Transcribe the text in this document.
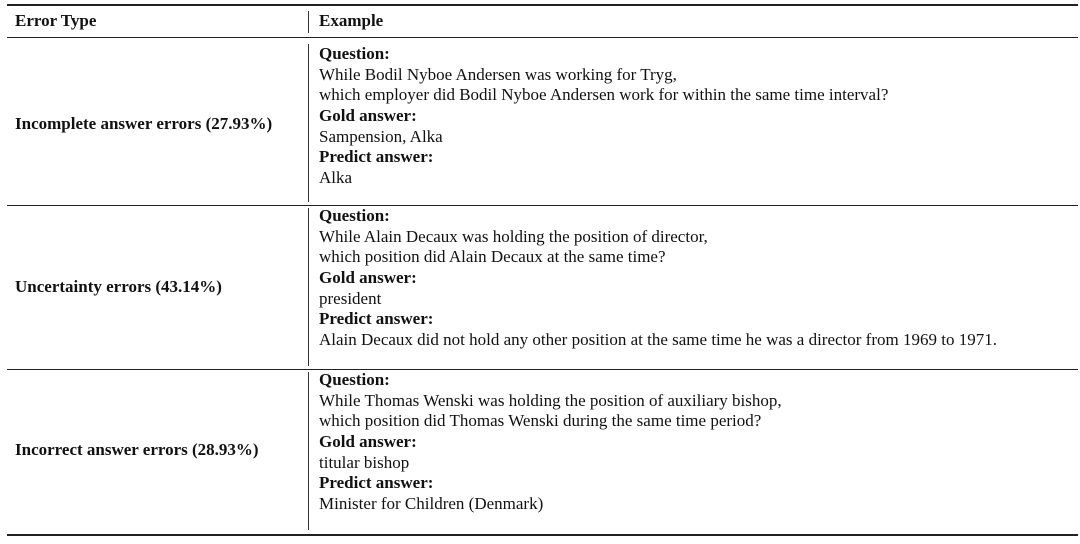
Error Type	Example
Incomplete answer errors (27.93%)
Question:
While Bodil Nyboe Andersen was working for Tryg,
which employer did Bodil Nyboe Andersen work for within the same time interval?
Gold answer:
Sampension, Alka
Predict answer:
Alka
Uncertainty errors (43.14%)
Question:
While Alain Decaux was holding the position of director,
which position did Alain Decaux at the same time?
Gold answer:
president
Predict answer:
Alain Decaux did not hold any other position at the same time he was a director from 1969 to 1971.
Incorrect answer errors (28.93%)
Question:
While Thomas Wenski was holding the position of auxiliary bishop,
which position did Thomas Wenski during the same time period?
Gold answer:
titular bishop
Predict answer:
Minister for Children (Denmark)
